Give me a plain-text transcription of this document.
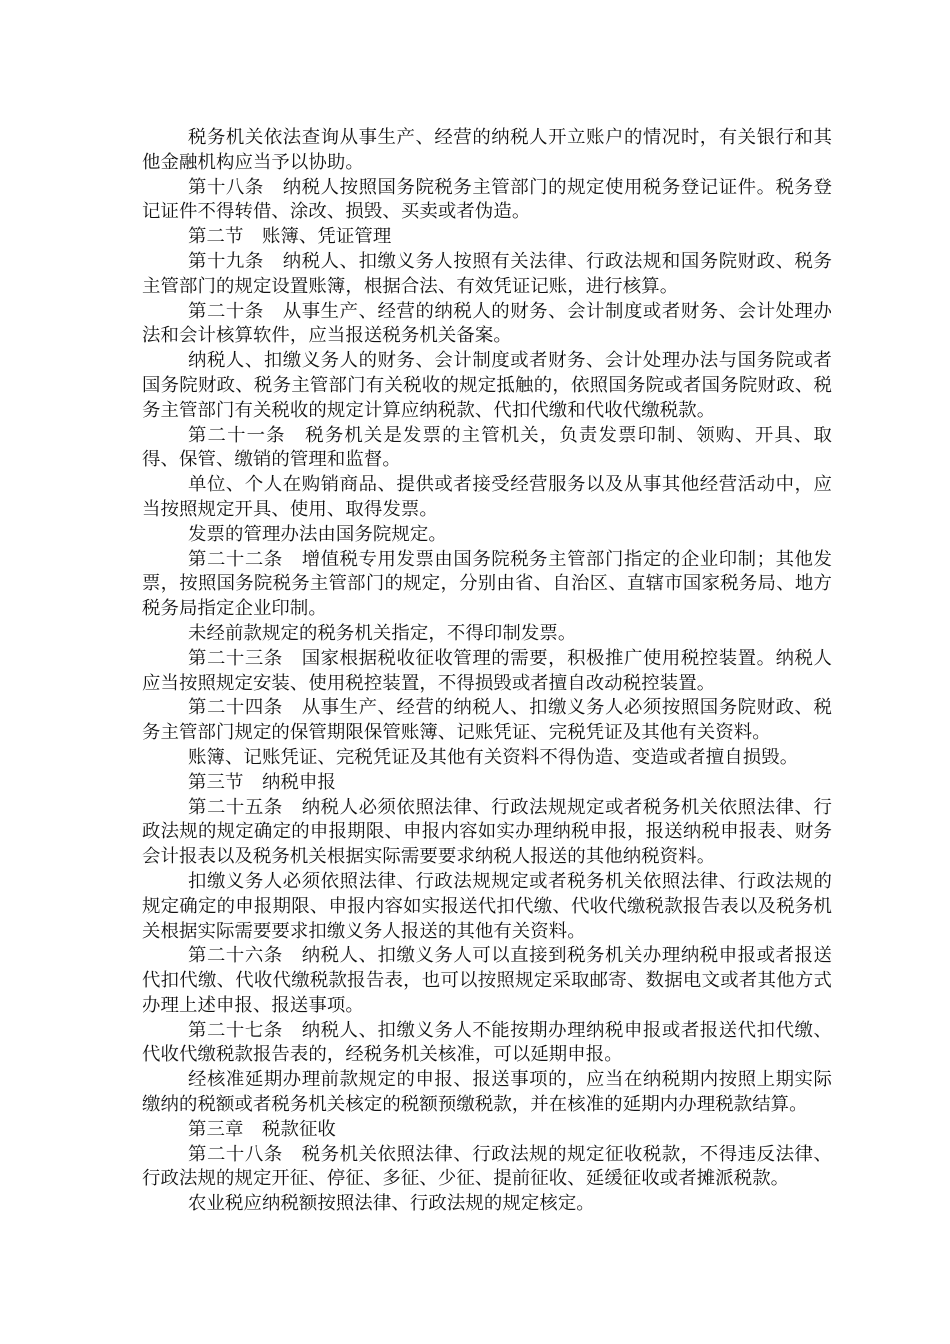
税务机关依法查询从事生产、经营的纳税人开立账户的情况时，有关银行和其他金融机构应当予以协助。

第十八条　纳税人按照国务院税务主管部门的规定使用税务登记证件。税务登记证件不得转借、涂改、损毁、买卖或者伪造。

第二节　账簿、凭证管理

第十九条　纳税人、扣缴义务人按照有关法律、行政法规和国务院财政、税务主管部门的规定设置账簿，根据合法、有效凭证记账，进行核算。

第二十条　从事生产、经营的纳税人的财务、会计制度或者财务、会计处理办法和会计核算软件，应当报送税务机关备案。

纳税人、扣缴义务人的财务、会计制度或者财务、会计处理办法与国务院或者国务院财政、税务主管部门有关税收的规定抵触的，依照国务院或者国务院财政、税务主管部门有关税收的规定计算应纳税款、代扣代缴和代收代缴税款。

第二十一条　税务机关是发票的主管机关，负责发票印制、领购、开具、取得、保管、缴销的管理和监督。

单位、个人在购销商品、提供或者接受经营服务以及从事其他经营活动中，应当按照规定开具、使用、取得发票。

发票的管理办法由国务院规定。

第二十二条　增值税专用发票由国务院税务主管部门指定的企业印制；其他发票，按照国务院税务主管部门的规定，分别由省、自治区、直辖市国家税务局、地方税务局指定企业印制。

未经前款规定的税务机关指定，不得印制发票。

第二十三条　国家根据税收征收管理的需要，积极推广使用税控装置。纳税人应当按照规定安装、使用税控装置，不得损毁或者擅自改动税控装置。

第二十四条　从事生产、经营的纳税人、扣缴义务人必须按照国务院财政、税务主管部门规定的保管期限保管账簿、记账凭证、完税凭证及其他有关资料。

账簿、记账凭证、完税凭证及其他有关资料不得伪造、变造或者擅自损毁。

第三节　纳税申报

第二十五条　纳税人必须依照法律、行政法规规定或者税务机关依照法律、行政法规的规定确定的申报期限、申报内容如实办理纳税申报，报送纳税申报表、财务会计报表以及税务机关根据实际需要要求纳税人报送的其他纳税资料。

扣缴义务人必须依照法律、行政法规规定或者税务机关依照法律、行政法规的规定确定的申报期限、申报内容如实报送代扣代缴、代收代缴税款报告表以及税务机关根据实际需要要求扣缴义务人报送的其他有关资料。

第二十六条　纳税人、扣缴义务人可以直接到税务机关办理纳税申报或者报送代扣代缴、代收代缴税款报告表，也可以按照规定采取邮寄、数据电文或者其他方式办理上述申报、报送事项。

第二十七条　纳税人、扣缴义务人不能按期办理纳税申报或者报送代扣代缴、代收代缴税款报告表的，经税务机关核准，可以延期申报。

经核准延期办理前款规定的申报、报送事项的，应当在纳税期内按照上期实际缴纳的税额或者税务机关核定的税额预缴税款，并在核准的延期内办理税款结算。

第三章　税款征收

第二十八条　税务机关依照法律、行政法规的规定征收税款，不得违反法律、行政法规的规定开征、停征、多征、少征、提前征收、延缓征收或者摊派税款。

农业税应纳税额按照法律、行政法规的规定核定。
